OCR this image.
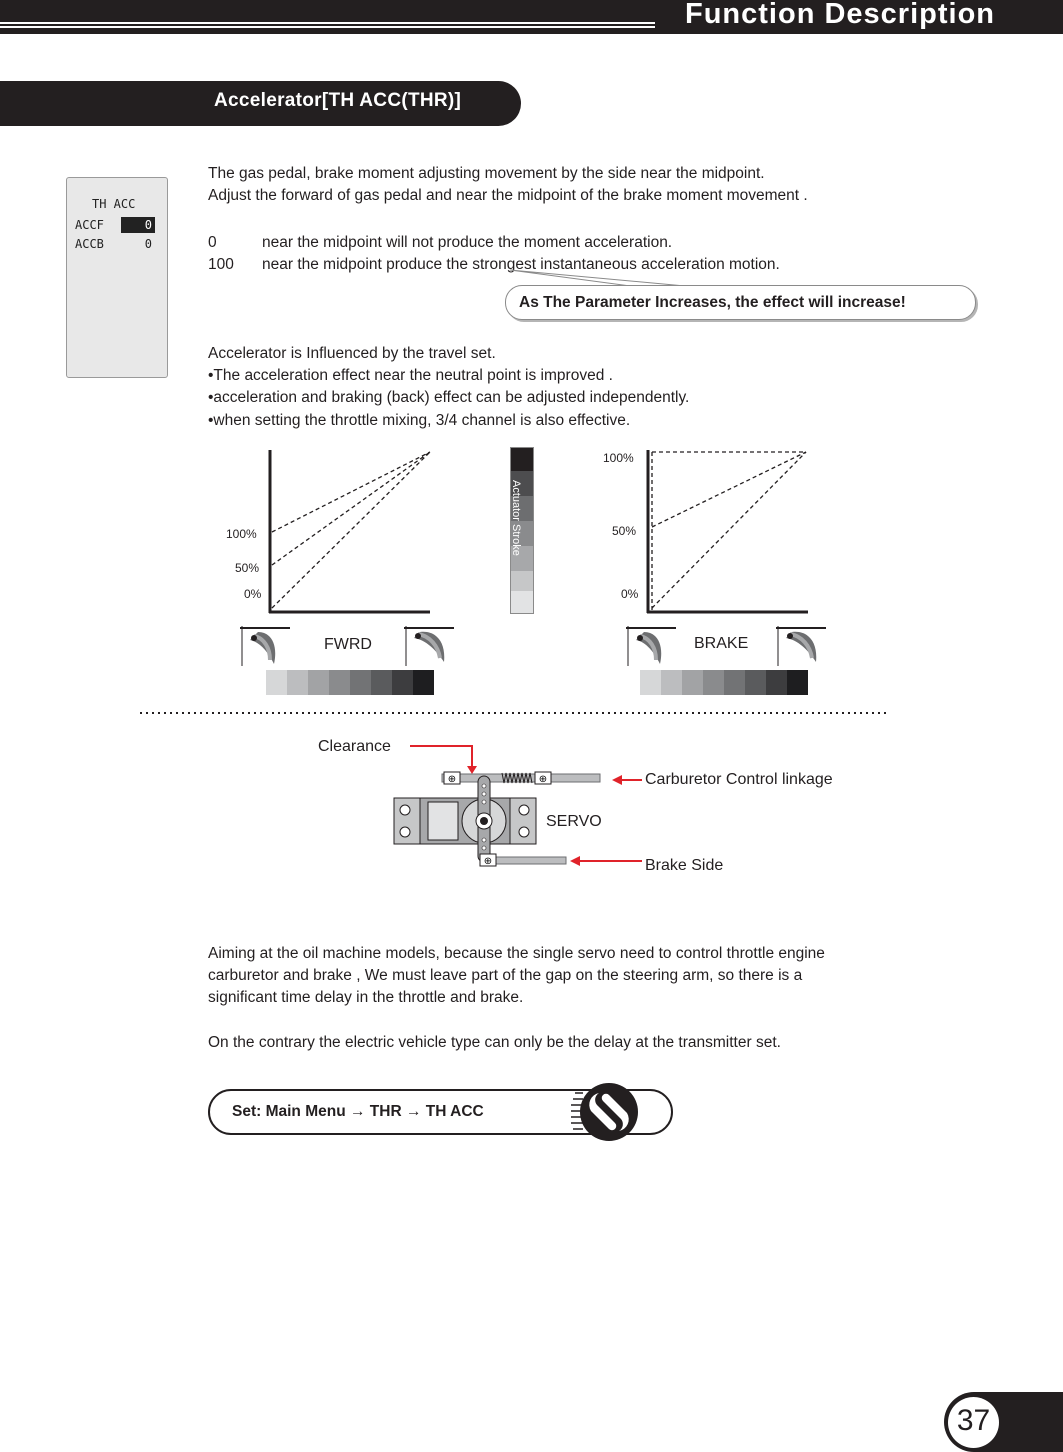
Function Description
Accelerator[TH ACC(THR)]
TH ACC
ACCF	0
ACCB	0
The gas pedal, brake moment adjusting movement by the side near the midpoint.
Adjust the forward of gas pedal and near the midpoint of the brake moment movement .
0	near the midpoint will not produce the moment acceleration.
100 near the midpoint produce the strongest instantaneous acceleration motion.
As The Parameter Increases, the effect will increase!
Accelerator is Influenced by the travel set.
•The acceleration effect near the neutral point is improved .
•acceleration and braking (back) effect can be adjusted independently.
•when setting the throttle mixing, 3/4 channel is also effective.
100%
50%
0%
Actuator Stroke
100%
50%
0%
FWRD	BRAKE
⊕	⊕
⊕
Clearance
Carburetor Control linkage
SERVO
Brake Side
Aiming at the oil machine models, because the single servo need to control throttle engine
carburetor and brake , We must leave part of the gap on the steering arm, so there is a
significant time delay in the throttle and brake.
On the contrary the electric vehicle type can only be the delay at the transmitter set.
Set: Main Menu → THR → TH ACC
37
